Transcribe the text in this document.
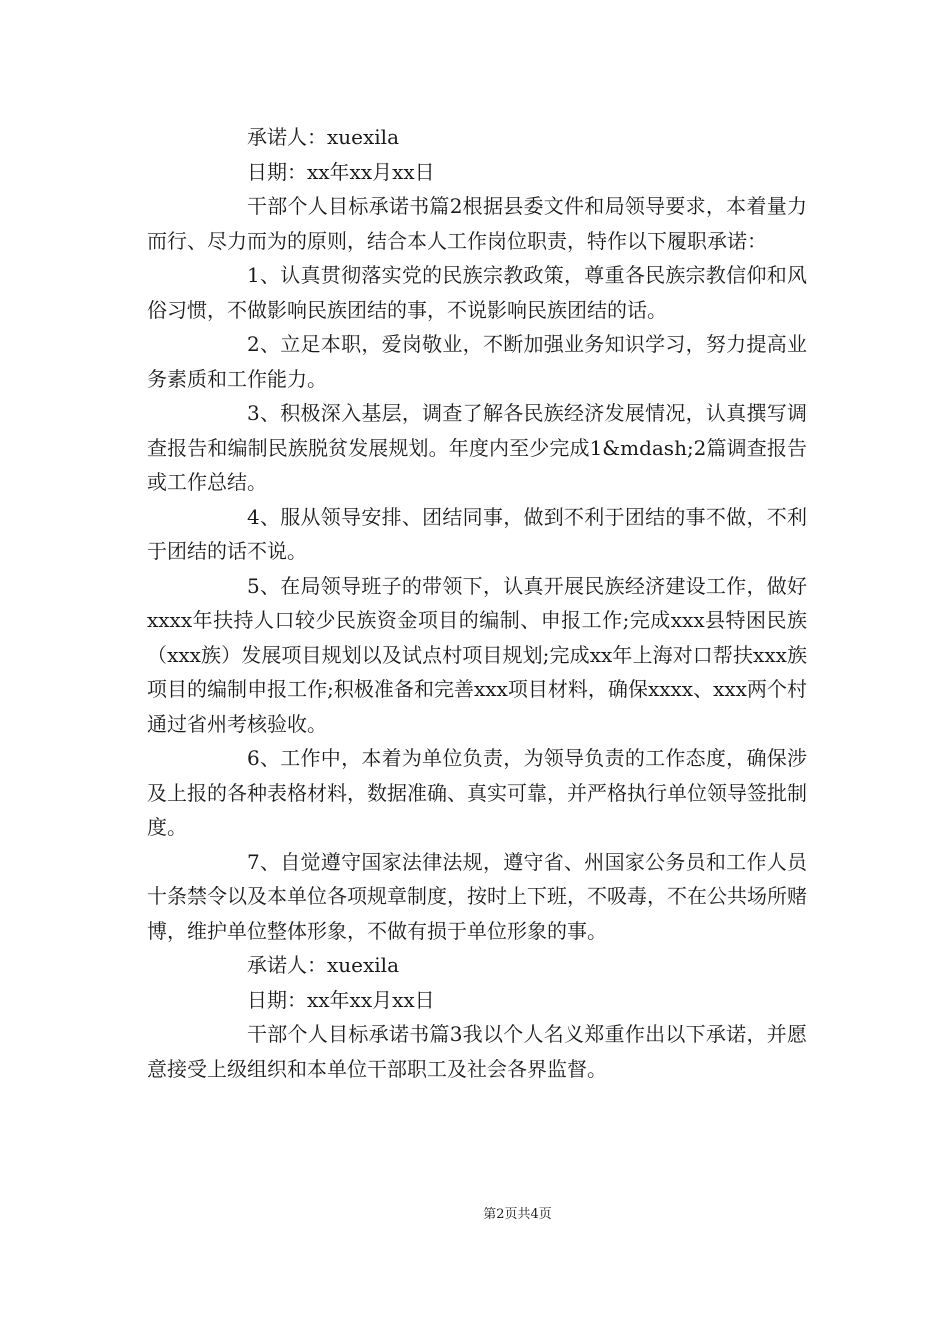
承诺人：xuexila

日期：xx年xx月xx日

干部个人目标承诺书篇2根据县委文件和局领导要求，本着量力而行、尽力而为的原则，结合本人工作岗位职责，特作以下履职承诺：

1、认真贯彻落实党的民族宗教政策，尊重各民族宗教信仰和风俗习惯，不做影响民族团结的事，不说影响民族团结的话。

2、立足本职，爱岗敬业，不断加强业务知识学习，努力提高业务素质和工作能力。

3、积极深入基层，调查了解各民族经济发展情况，认真撰写调查报告和编制民族脱贫发展规划。年度内至少完成1&mdash;2篇调查报告或工作总结。

4、服从领导安排、团结同事，做到不利于团结的事不做，不利于团结的话不说。

5、在局领导班子的带领下，认真开展民族经济建设工作，做好xxxx年扶持人口较少民族资金项目的编制、申报工作;完成xxx县特困民族（xxx族）发展项目规划以及试点村项目规划;完成xx年上海对口帮扶xxx族项目的编制申报工作;积极准备和完善xxx项目材料，确保xxxx、xxx两个村通过省州考核验收。

6、工作中，本着为单位负责，为领导负责的工作态度，确保涉及上报的各种表格材料，数据准确、真实可靠，并严格执行单位领导签批制度。

7、自觉遵守国家法律法规，遵守省、州国家公务员和工作人员十条禁令以及本单位各项规章制度，按时上下班，不吸毒，不在公共场所赌博，维护单位整体形象，不做有损于单位形象的事。

承诺人：xuexila

日期：xx年xx月xx日

干部个人目标承诺书篇3我以个人名义郑重作出以下承诺，并愿意接受上级组织和本单位干部职工及社会各界监督。

第2页共4页
